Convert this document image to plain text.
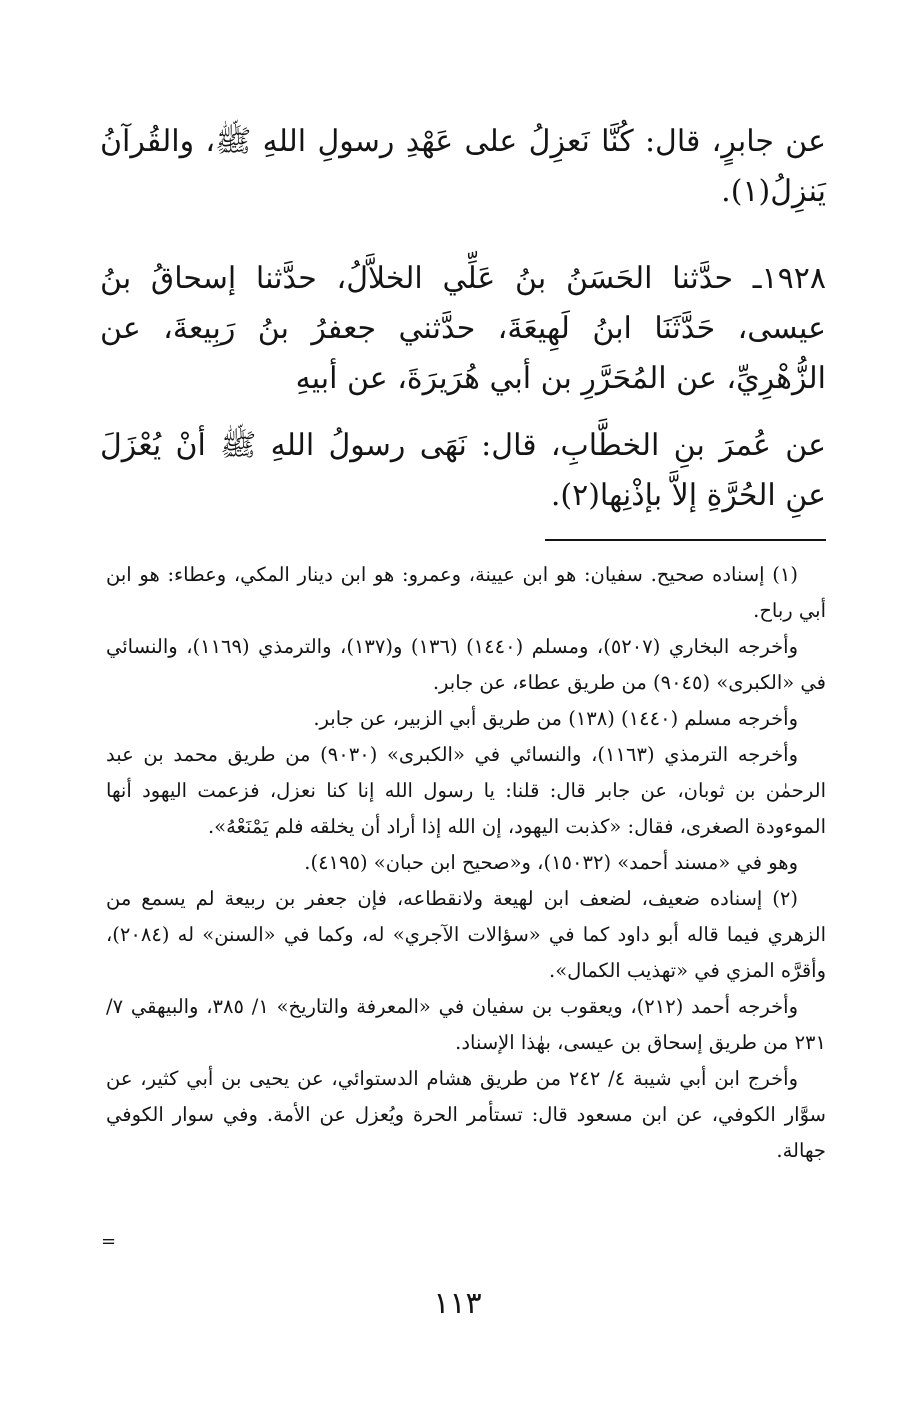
عن جابرٍ، قال: كُنَّا نَعزِلُ على عَهْدِ رسولِ اللهِ ﷺ، والقُرآنُ يَنزِلُ(١).

١٩٢٨ـ حدَّثنا الحَسَنُ بنُ عَلِّي الخلاَّلُ، حدَّثنا إسحاقُ بنُ عيسى، حَدَّثَنَا ابنُ لَهِيعَةَ، حدَّثني جعفرُ بنُ رَبِيعةَ، عن الزُّهْرِيِّ، عن المُحَرَّرِ بن أبي هُرَيرَةَ، عن أبيهِ

عن عُمرَ بنِ الخطَّابِ، قال: نَهَى رسولُ اللهِ ﷺ أنْ يُعْزَلَ عنِ الحُرَّةِ إلاَّ بإذْنِها(٢).

(١) إسناده صحيح. سفيان: هو ابن عيينة، وعمرو: هو ابن دينار المكي، وعطاء: هو ابن أبي رباح.

وأخرجه البخاري (٥٢٠٧)، ومسلم (١٤٤٠) (١٣٦) و(١٣٧)، والترمذي (١١٦٩)، والنسائي في «الكبرى» (٩٠٤٥) من طريق عطاء، عن جابر.

وأخرجه مسلم (١٤٤٠) (١٣٨) من طريق أبي الزبير، عن جابر.

وأخرجه الترمذي (١١٦٣)، والنسائي في «الكبرى» (٩٠٣٠) من طريق محمد بن عبد الرحمٰن بن ثوبان، عن جابر قال: قلنا: يا رسول الله إنا كنا نعزل، فزعمت اليهود أنها الموءودة الصغرى، فقال: «كذبت اليهود، إن الله إذا أراد أن يخلقه فلم يَمْنَعْهُ».

وهو في «مسند أحمد» (١٥٠٣٢)، و«صحيح ابن حبان» (٤١٩٥).

(٢) إسناده ضعيف، لضعف ابن لهيعة ولانقطاعه، فإن جعفر بن ربيعة لم يسمع من الزهري فيما قاله أبو داود كما في «سؤالات الآجري» له، وكما في «السنن» له (٢٠٨٤)، وأقرَّه المزي في «تهذيب الكمال».

وأخرجه أحمد (٢١٢)، ويعقوب بن سفيان في «المعرفة والتاريخ» ١/ ٣٨٥، والبيهقي ٧/ ٢٣١ من طريق إسحاق بن عيسى، بهٰذا الإسناد.

وأخرج ابن أبي شيبة ٤/ ٢٤٢ من طريق هشام الدستوائي، عن يحيى بن أبي كثير، عن سوَّار الكوفي، عن ابن مسعود قال: تستأمر الحرة ويُعزل عن الأمة. وفي سوار الكوفي جهالة.

=
١١٣
